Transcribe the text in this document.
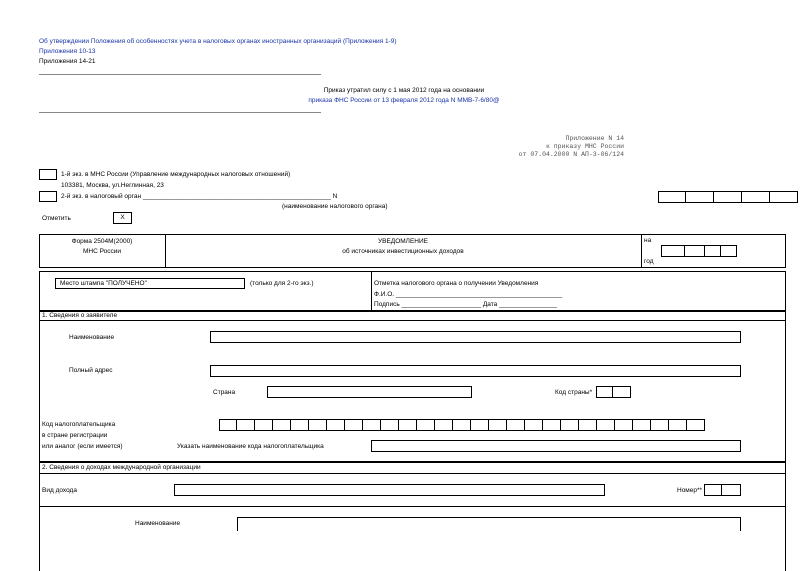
Об утверждении Положения об особенностях учета в налоговых органах иностранных организаций (Приложения 1-9)
Приложения 10-13
Приложения 14-21
Приказ утратил силу с 1 мая 2012 года на основании
приказа ФНС России от 13 февраля 2012 года N ММВ-7-6/80@
Приложение N 14
к приказу МНС России
от 07.04.2000 N АП-3-06/124
1-й экз. в МНС России (Управление международных налоговых отношений)
103381, Москва, ул.Неглинная, 23
2-й экз. в налоговый орган ____________________________________________________ N
(наименование налогового органа)
Отметить	X
Форма 2504М(2000)
МНС России
УВЕДОМЛЕНИЕ
об источниках инвестиционных доходов
на
год
Место штампа "ПОЛУЧЕНО"	(только для 2-го экз.)	Отметка налогового органа о получении Уведомления
Ф.И.О. ______________________________________________
Подпись ______________________ Дата ________________
1. Сведения о заявителе
Наименование
Полный адрес
Страна	Код страны*
Код налогоплательщика
в стране регистрации
или аналог (если имеется)	Указать наименование кода налогоплательщика
2. Сведения о доходах международной организации
Вид дохода	Номер**
Наименование
